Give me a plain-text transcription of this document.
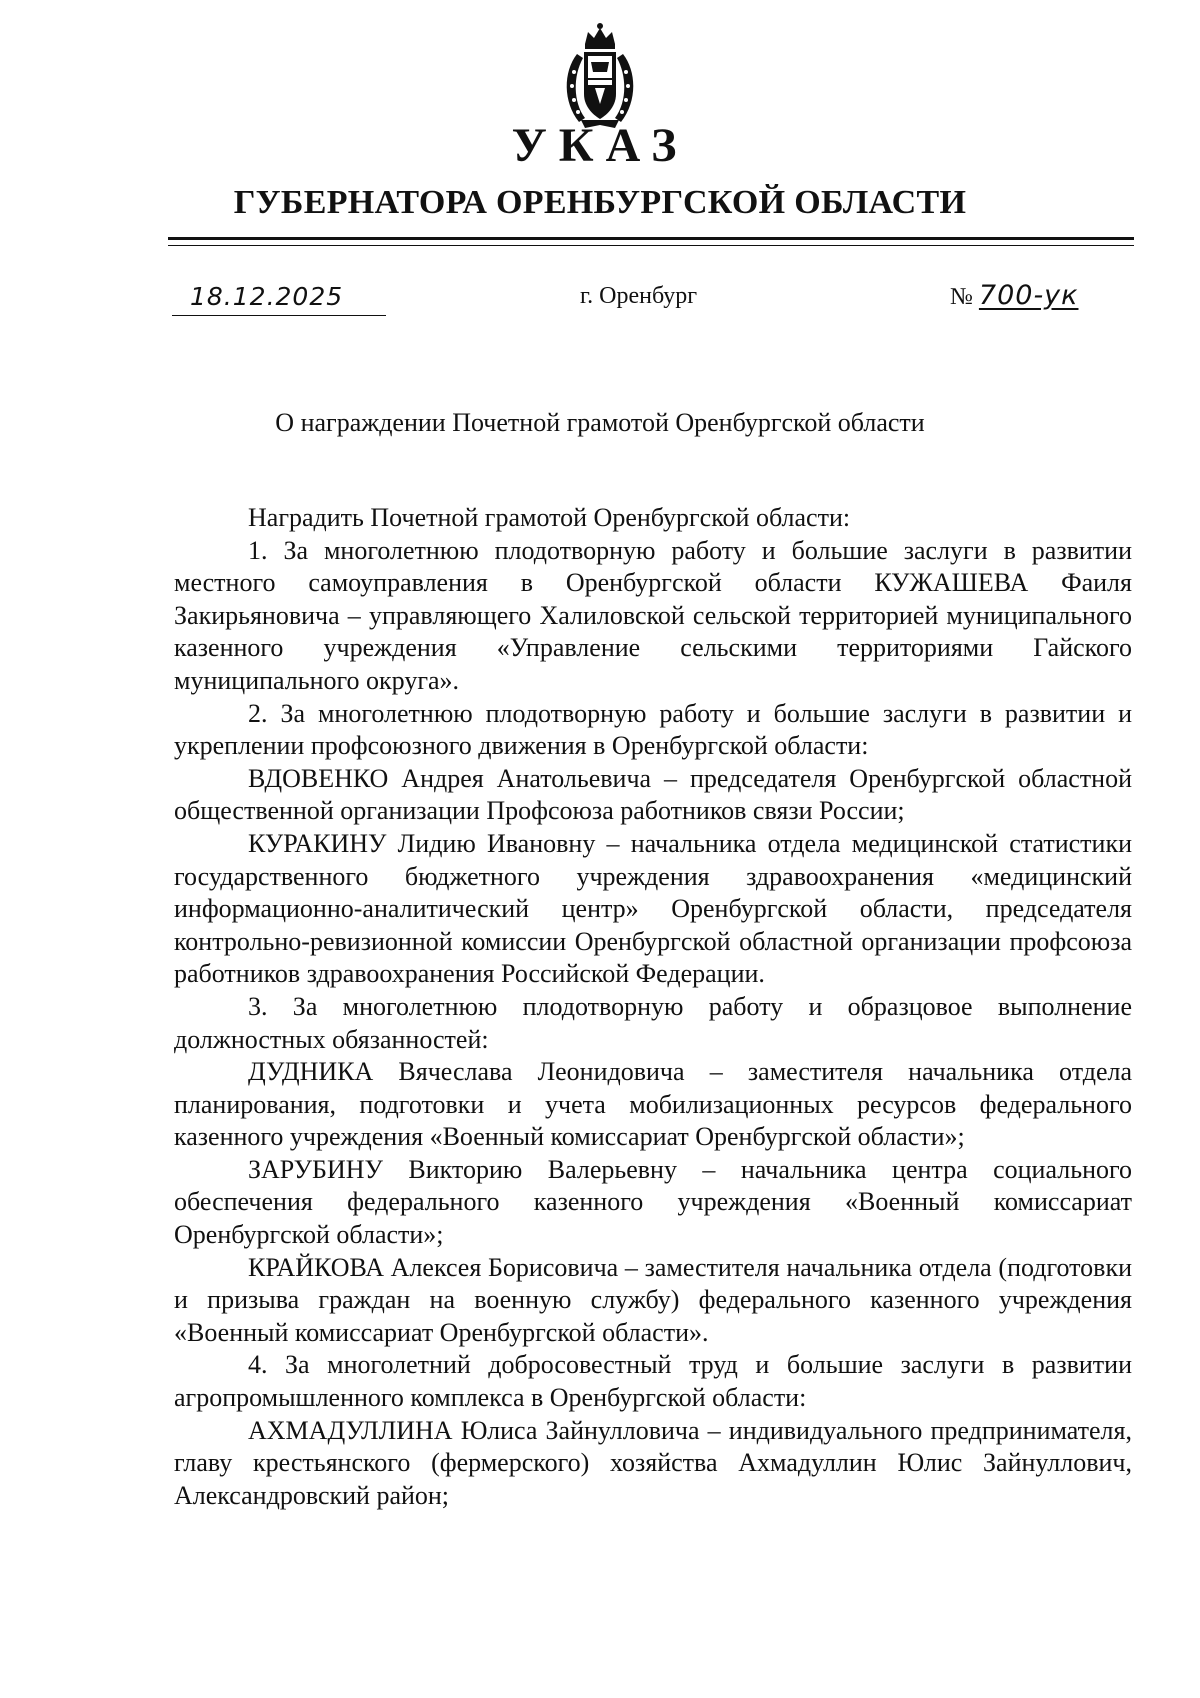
УКАЗ
ГУБЕРНАТОРА ОРЕНБУРГСКОЙ ОБЛАСТИ
18.12.2025	г. Оренбург	№ 700-ук
О награждении Почетной грамотой Оренбургской области

Наградить Почетной грамотой Оренбургской области:

1. За многолетнюю плодотворную работу и большие заслуги в развитии местного самоуправления в Оренбургской области КУЖАШЕВА Фаиля Закирьяновича – управляющего Халиловской сельской территорией муниципального казенного учреждения «Управление сельскими территориями Гайского муниципального округа».

2. За многолетнюю плодотворную работу и большие заслуги в развитии и укреплении профсоюзного движения в Оренбургской области:

ВДОВЕНКО Андрея Анатольевича – председателя Оренбургской областной общественной организации Профсоюза работников связи России;

КУРАКИНУ Лидию Ивановну – начальника отдела медицинской статистики государственного бюджетного учреждения здравоохранения «медицинский информационно-аналитический центр» Оренбургской области, председателя контрольно-ревизионной комиссии Оренбургской областной организации профсоюза работников здравоохранения Российской Федерации.

3. За многолетнюю плодотворную работу и образцовое выполнение должностных обязанностей:

ДУДНИКА Вячеслава Леонидовича – заместителя начальника отдела планирования, подготовки и учета мобилизационных ресурсов федерального казенного учреждения «Военный комиссариат Оренбургской области»;

ЗАРУБИНУ Викторию Валерьевну – начальника центра социального обеспечения федерального казенного учреждения «Военный комиссариат Оренбургской области»;

КРАЙКОВА Алексея Борисовича – заместителя начальника отдела (подготовки и призыва граждан на военную службу) федерального казенного учреждения «Военный комиссариат Оренбургской области».

4. За многолетний добросовестный труд и большие заслуги в развитии агропромышленного комплекса в Оренбургской области:

АХМАДУЛЛИНА Юлиса Зайнулловича – индивидуального предпринимателя, главу крестьянского (фермерского) хозяйства Ахмадуллин Юлис Зайнуллович, Александровский район;
